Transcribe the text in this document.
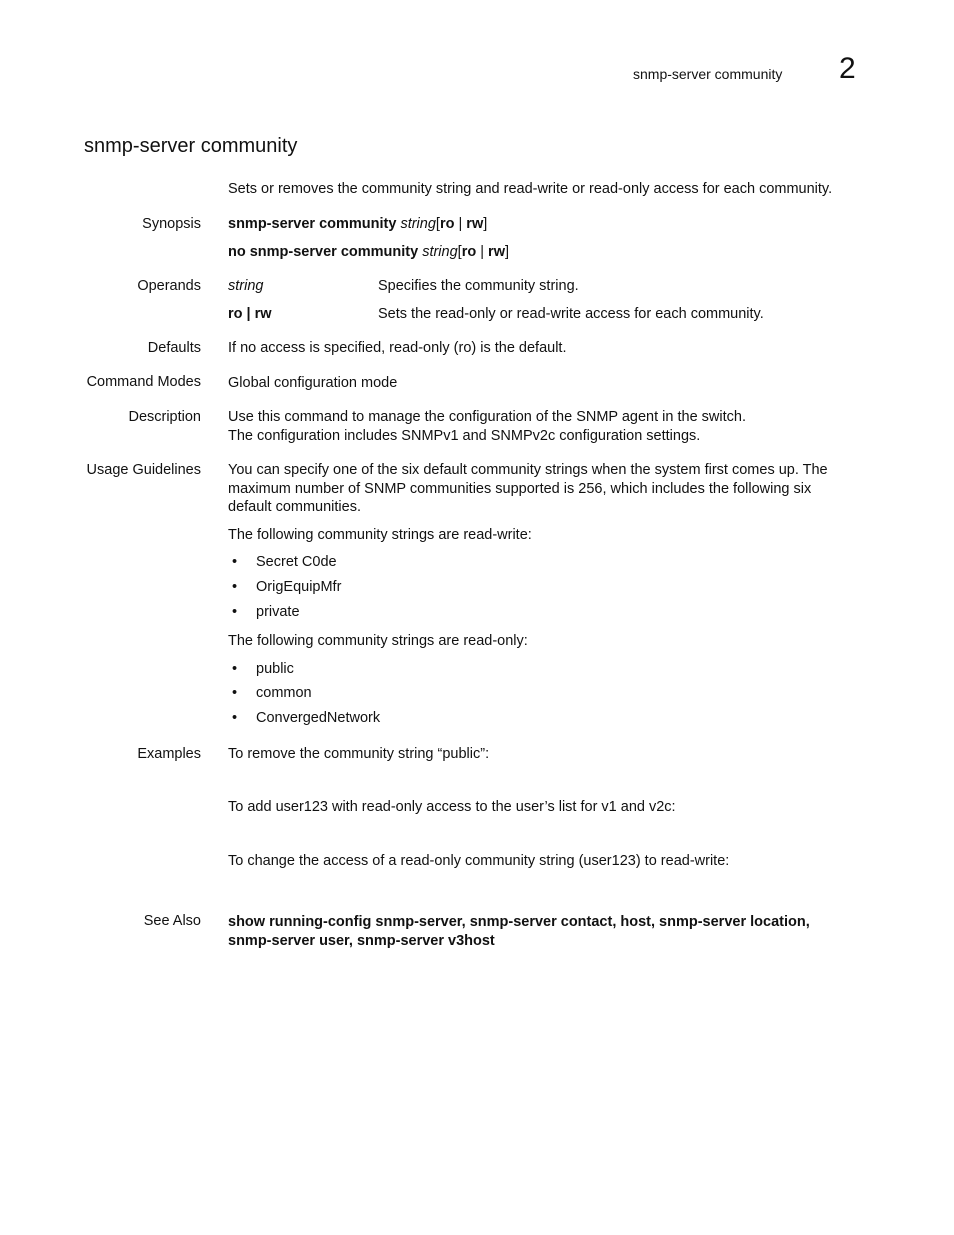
snmp-server community 2
snmp-server community
Sets or removes the community string and read-write or read-only access for each community.
Synopsis snmp-server community string[ro | rw]
no snmp-server community string[ro | rw]
Operands string	Specifies the community string.
ro | rw	Sets the read-only or read-write access for each community.
Defaults If no access is specified, read-only (ro) is the default.
Command Modes Global configuration mode
Description Use this command to manage the configuration of the SNMP agent in the switch.
The configuration includes SNMPv1 and SNMPv2c configuration settings.
Usage Guidelines You can specify one of the six default community strings when the system first comes up. The
maximum number of SNMP communities supported is 256, which includes the following six
default communities.
The following community strings are read-write:
• Secret C0de
• OrigEquipMfr
• private
The following community strings are read-only:
• public
• common
• ConvergedNetwork
Examples To remove the community string “public”:
To add user123 with read-only access to the user’s list for v1 and v2c:
To change the access of a read-only community string (user123) to read-write:
See Also show running-config snmp-server, snmp-server contact, host, snmp-server location,
snmp-server user, snmp-server v3host
